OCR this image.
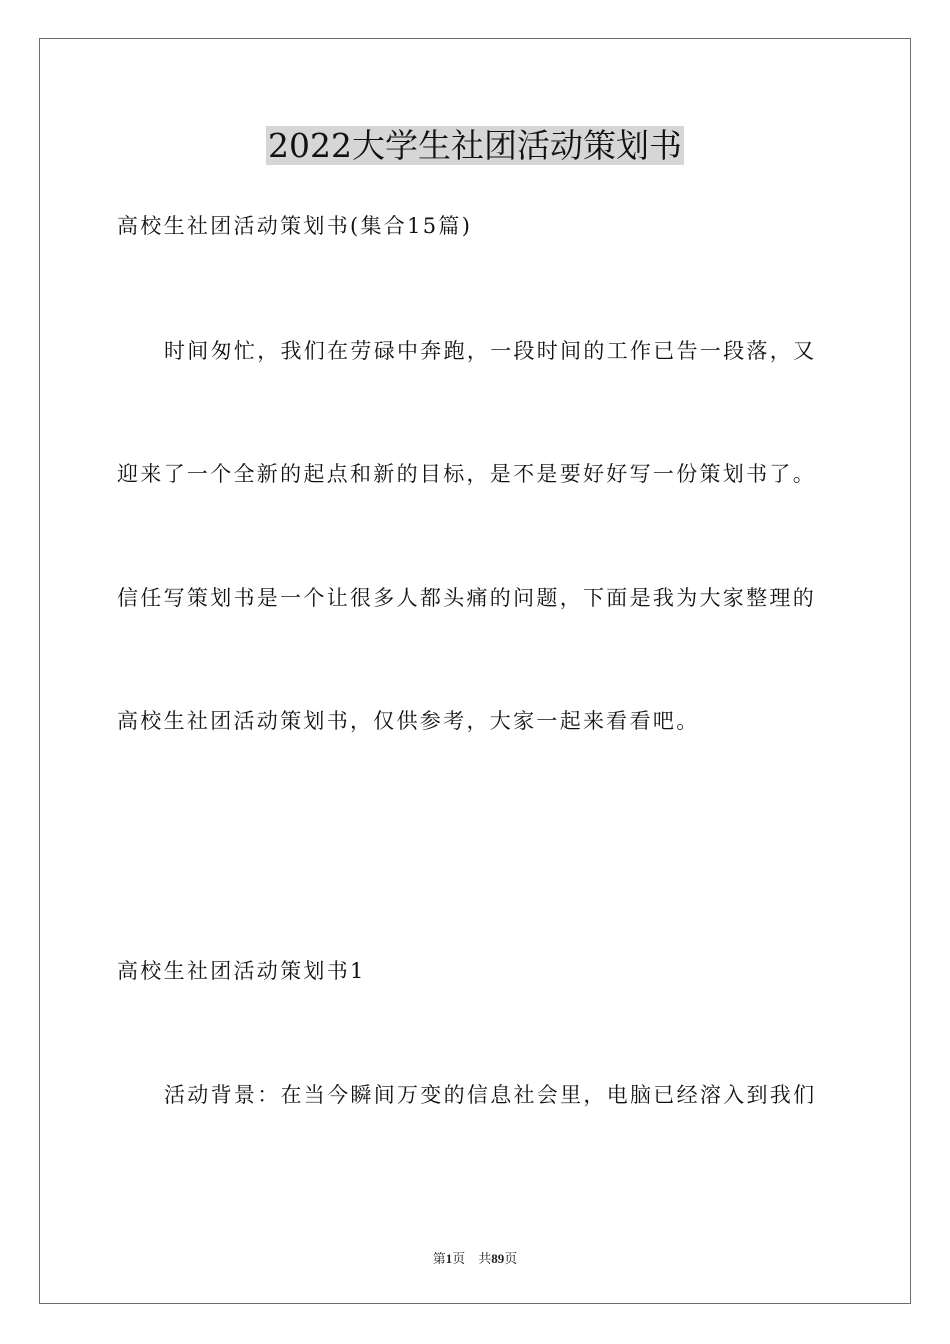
2022大学生社团活动策划书
高校生社团活动策划书(集合15篇)
时间匆忙，我们在劳碌中奔跑，一段时间的工作已告一段落，又
迎来了一个全新的起点和新的目标，是不是要好好写一份策划书了。
信任写策划书是一个让很多人都头痛的问题，下面是我为大家整理的
高校生社团活动策划书，仅供参考，大家一起来看看吧。
高校生社团活动策划书1
活动背景：在当今瞬间万变的信息社会里，电脑已经溶入到我们
第1页 共89页
